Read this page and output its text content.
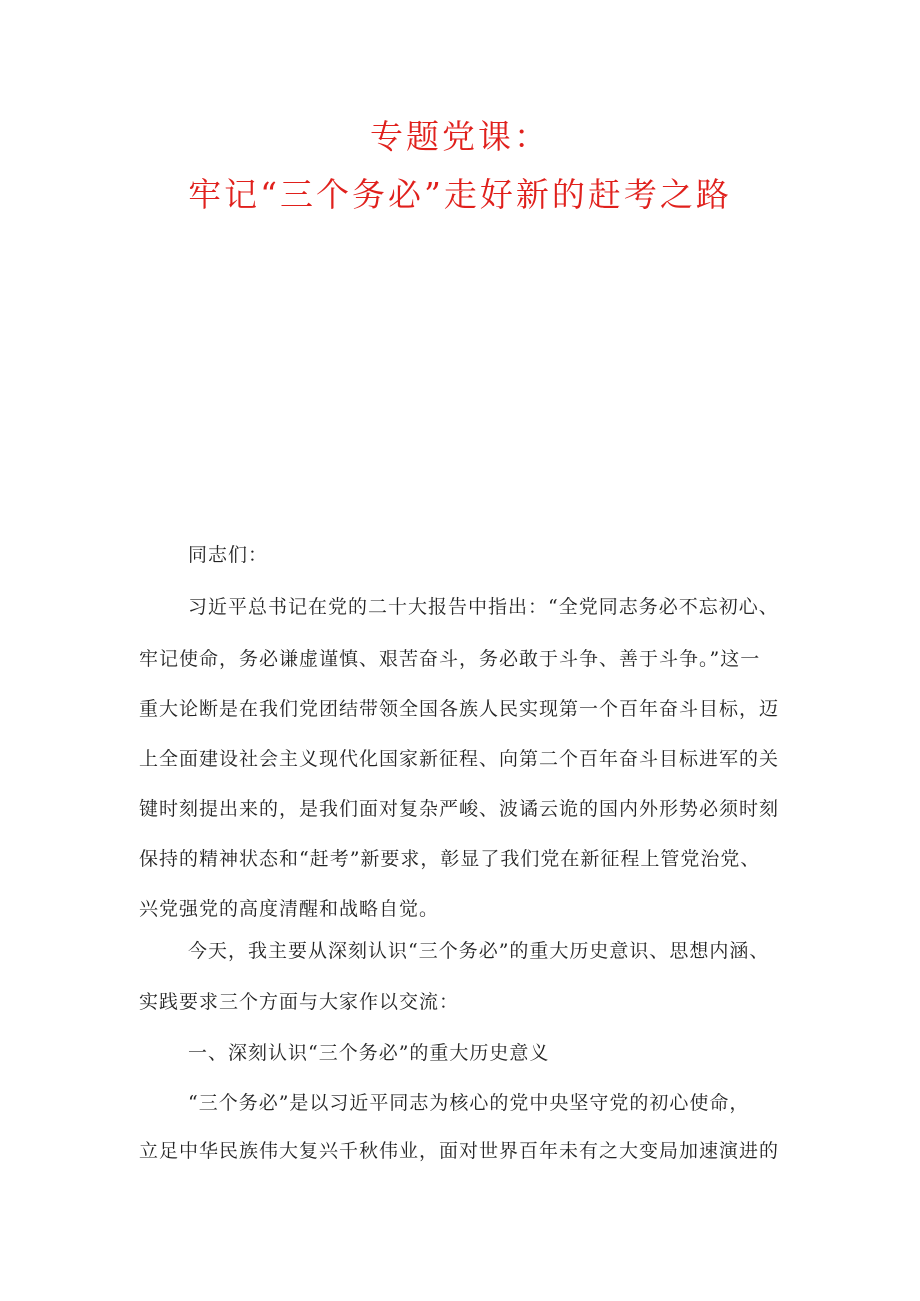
专题党课：
牢记“三个务必”走好新的赶考之路
同志们：
习近平总书记在党的二十大报告中指出：“全党同志务必不忘初心、
牢记使命，务必谦虚谨慎、艰苦奋斗，务必敢于斗争、善于斗争。”这一
重大论断是在我们党团结带领全国各族人民实现第一个百年奋斗目标，迈
上全面建设社会主义现代化国家新征程、向第二个百年奋斗目标进军的关
键时刻提出来的，是我们面对复杂严峻、波谲云诡的国内外形势必须时刻
保持的精神状态和“赶考”新要求，彰显了我们党在新征程上管党治党、
兴党强党的高度清醒和战略自觉。
今天，我主要从深刻认识“三个务必”的重大历史意识、思想内涵、
实践要求三个方面与大家作以交流：
一、深刻认识“三个务必”的重大历史意义
“三个务必”是以习近平同志为核心的党中央坚守党的初心使命，
立足中华民族伟大复兴千秋伟业，面对世界百年未有之大变局加速演进的
